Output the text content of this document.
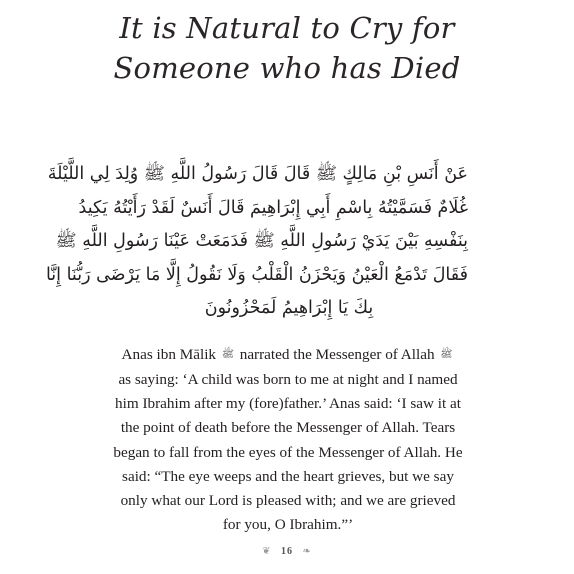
It is Natural to Cry for
Someone who has Died
عَنْ أَنَسِ بْنِ مَالِكٍ ﷺ قَالَ قَالَ رَسُولُ اللَّهِ ﷺ وُلِدَ لِي اللَّيْلَةَ
غُلَامٌ فَسَمَّيْتُهُ بِاسْمِ أَبِي إِبْرَاهِيمَ قَالَ أَنَسٌ لَقَدْ رَأَيْتُهُ يَكِيدُ
بِنَفْسِهِ بَيْنَ يَدَيْ رَسُولِ اللَّهِ ﷺ فَدَمَعَتْ عَيْنَا رَسُولِ اللَّهِ ﷺ
فَقَالَ تَدْمَعُ الْعَيْنُ وَيَحْزَنُ الْقَلْبُ وَلَا نَقُولُ إِلَّا مَا يَرْضَى رَبُّنَا إِنَّا
بِكَ يَا إِبْرَاهِيمُ لَمَحْزُونُونَ
Anas ibn Mālik ﷺ narrated the Messenger of Allah ﷺ
as saying: ‘A child was born to me at night and I named
him Ibrahim after my (fore)father.’ Anas said: ‘I saw it at
the point of death before the Messenger of Allah. Tears
began to fall from the eyes of the Messenger of Allah. He
said: “The eye weeps and the heart grieves, but we say
only what our Lord is pleased with; and we are grieved
for you, O Ibrahim.”’
❦ 16 ❧
